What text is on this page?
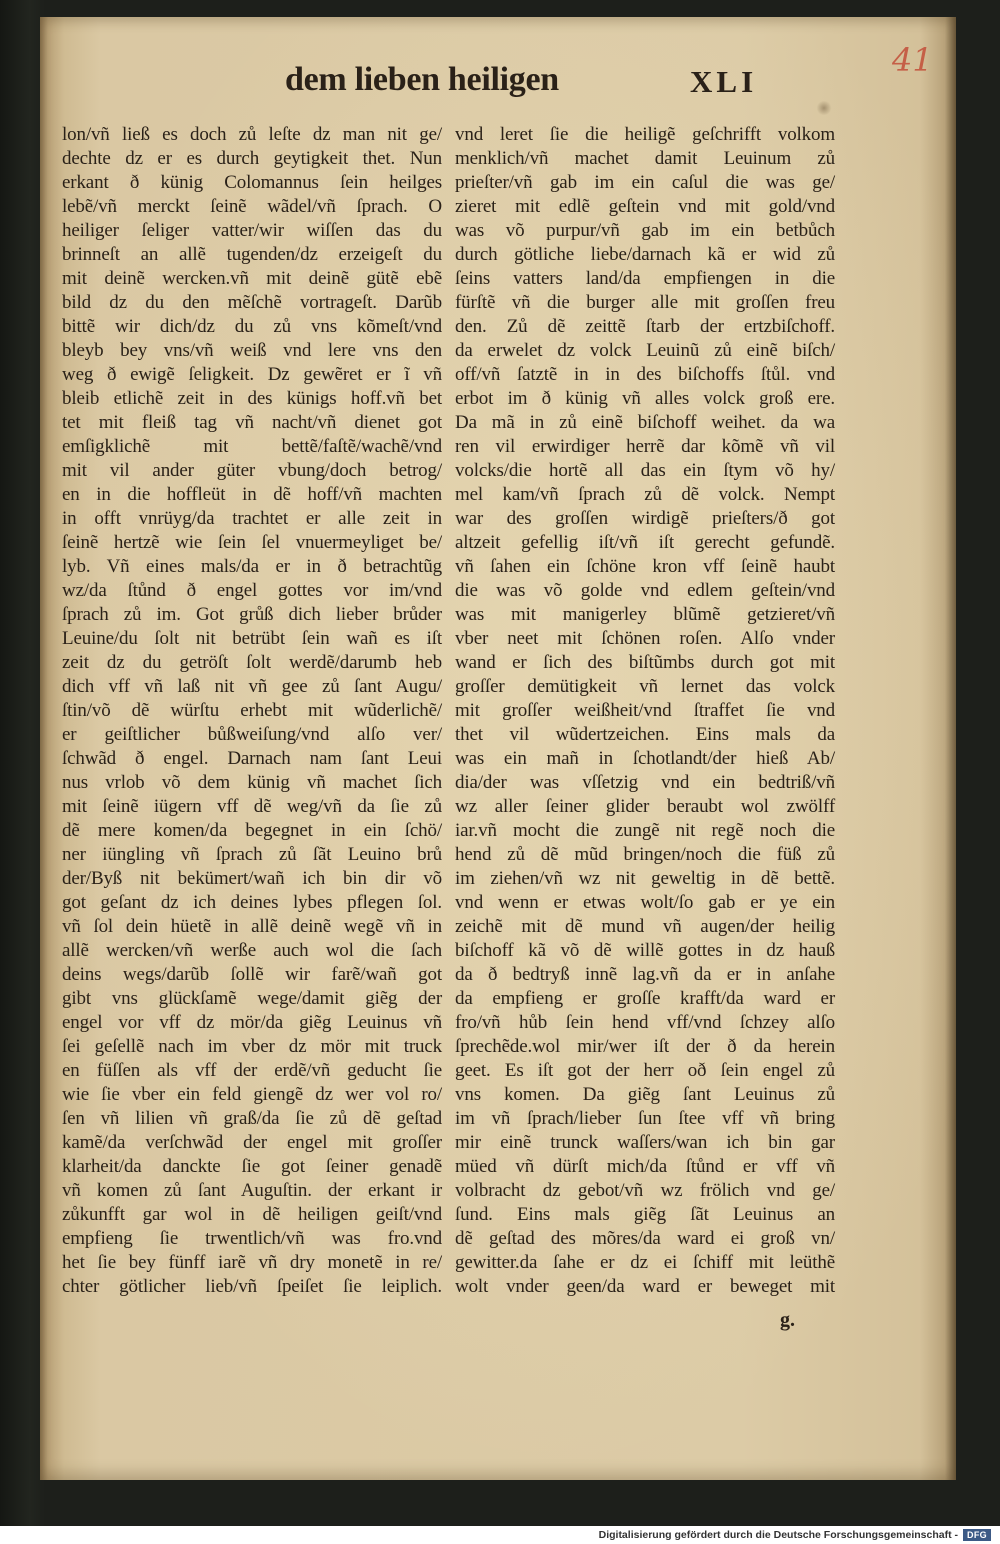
dem lieben heiligen	XLI
41
lon/vñ ließ es doch zů leſte dz man nit ge/
dechte dz er es durch geytigkeit thet. Nun
erkant ð künig Colomannus ſein heilges
lebẽ/vñ merckt ſeinẽ wãdel/vñ ſprach. O
heiliger ſeliger vatter/wir wiſſen das du
brinneſt an allẽ tugenden/dz erzeigeſt du
mit deinẽ wercken.vñ mit deinẽ gütẽ ebẽ
bild dz du den mẽſchẽ vortrageſt. Darũb
bittẽ wir dich/dz du zů vns kõmeſt/vnd
bleyb bey vns/vñ weiß vnd lere vns den
weg ð ewigẽ ſeligkeit. Dz gewẽret er ĩ vñ
bleib etlichẽ zeit in des künigs hoff.vñ bet
tet mit fleiß tag vñ nacht/vñ dienet got
emſigklichẽ mit bettẽ/faſtẽ/wachẽ/vnd
mit vil ander güter vbung/doch betrog/
en in die hoffleüt in dẽ hoff/vñ machten
in offt vnrüyg/da trachtet er alle zeit in
ſeinẽ hertzẽ wie ſein ſel vnuermeyliget be/
lyb. Vñ eines mals/da er in ð betrachtũg
wz/da ſtůnd ð engel gottes vor im/vnd
ſprach zů im. Got grůß dich lieber brůder
Leuine/du ſolt nit betrübt ſein wañ es iſt
zeit dz du getröſt ſolt werdẽ/darumb heb
dich vff vñ laß nit vñ gee zů ſant Augu/
ſtin/võ dẽ würſtu erhebt mit wũderlichẽ/
er geiſtlicher bůßweiſung/vnd alſo ver/
ſchwãd ð engel. Darnach nam ſant Leui
nus vrlob võ dem künig vñ machet ſich
mit ſeinẽ iügern vff dẽ weg/vñ da ſie zů
dẽ mere komen/da begegnet in ein ſchö/
ner iüngling vñ ſprach zů ſãt Leuino brů
der/Byß nit bekümert/wañ ich bin dir võ
got geſant dz ich deines lybes pflegen ſol.
vñ ſol dein hüetẽ in allẽ deinẽ wegẽ vñ in
allẽ wercken/vñ werße auch wol die ſach
deins wegs/darũb ſollẽ wir farẽ/wañ got
gibt vns glückſamẽ wege/damit giẽg der
engel vor vff dz mör/da giẽg Leuinus vñ
ſei geſellẽ nach im vber dz mör mit truck
en füſſen als vff der erdẽ/vñ geducht ſie
wie ſie vber ein feld giengẽ dz wer vol ro/
ſen vñ lilien vñ graß/da ſie zů dẽ geſtad
kamẽ/da verſchwãd der engel mit groſſer
klarheit/da danckte ſie got ſeiner genadẽ
vñ komen zů ſant Auguſtin. der erkant ir
zůkunfft gar wol in dẽ heiligen geiſt/vnd
empfieng ſie trwentlich/vñ was fro.vnd
het ſie bey fünff iarẽ vñ dry monetẽ in re/
chter götlicher lieb/vñ ſpeiſet ſie leiplich.
vnd leret ſie die heiligẽ geſchrifft volkom
menklich/vñ machet damit Leuinum zů
prieſter/vñ gab im ein caſul die was ge/
zieret mit edlẽ geſtein vnd mit gold/vnd
was võ purpur/vñ gab im ein betbůch
durch götliche liebe/darnach kã er wid zů
ſeins vatters land/da empfiengen in die
fürſtẽ vñ die burger alle mit groſſen freu
den. Zů dẽ zeittẽ ſtarb der ertzbiſchoff.
da erwelet dz volck Leuinũ zů einẽ biſch/
off/vñ ſatztẽ in in des biſchoffs ſtůl. vnd
erbot im ð künig vñ alles volck groß ere.
Da mã in zů einẽ biſchoff weihet. da wa
ren vil erwirdiger herrẽ dar kõmẽ vñ vil
volcks/die hortẽ all das ein ſtym võ hy/
mel kam/vñ ſprach zů dẽ volck. Nempt
war des groſſen wirdigẽ prieſters/ð got
altzeit gefellig iſt/vñ iſt gerecht gefundẽ.
vñ ſahen ein ſchöne kron vff ſeinẽ haubt
die was võ golde vnd edlem geſtein/vnd
was mit manigerley blũmẽ getzieret/vñ
vber neet mit ſchönen roſen. Alſo vnder
wand er ſich des biſtũmbs durch got mit
groſſer demütigkeit vñ lernet das volck
mit groſſer weißheit/vnd ſtraffet ſie vnd
thet vil wũdertzeichen. Eins mals da
was ein mañ in ſchotlandt/der hieß Ab/
dia/der was vſſetzig vnd ein bedtriß/vñ
wz aller ſeiner glider beraubt wol zwölff
iar.vñ mocht die zungẽ nit regẽ noch die
hend zů dẽ mũd bringen/noch die füß zů
im ziehen/vñ wz nit geweltig in dẽ bettẽ.
vnd wenn er etwas wolt/ſo gab er ye ein
zeichẽ mit dẽ mund vñ augen/der heilig
biſchoff kã võ dẽ willẽ gottes in dz hauß
da ð bedtryß innẽ lag.vñ da er in anſahe
da empfieng er groſſe krafft/da ward er
fro/vñ hůb ſein hend vff/vnd ſchzey alſo
ſprechẽde.wol mir/wer iſt der ð da herein
geet. Es iſt got der herr oð ſein engel zů
vns komen. Da giẽg ſant Leuinus zů
im vñ ſprach/lieber ſun ſtee vff vñ bring
mir einẽ trunck waſſers/wan ich bin gar
müed vñ dürſt mich/da ſtůnd er vff vñ
volbracht dz gebot/vñ wz frölich vnd ge/
ſund. Eins mals giẽg ſãt Leuinus an
dẽ geſtad des mõres/da ward ei groß vn/
gewitter.da ſahe er dz ei ſchiff mit leüthẽ
wolt vnder geen/da ward er beweget mit
g.
Digitalisierung gefördert durch die Deutsche Forschungsgemeinschaft -	DFG
